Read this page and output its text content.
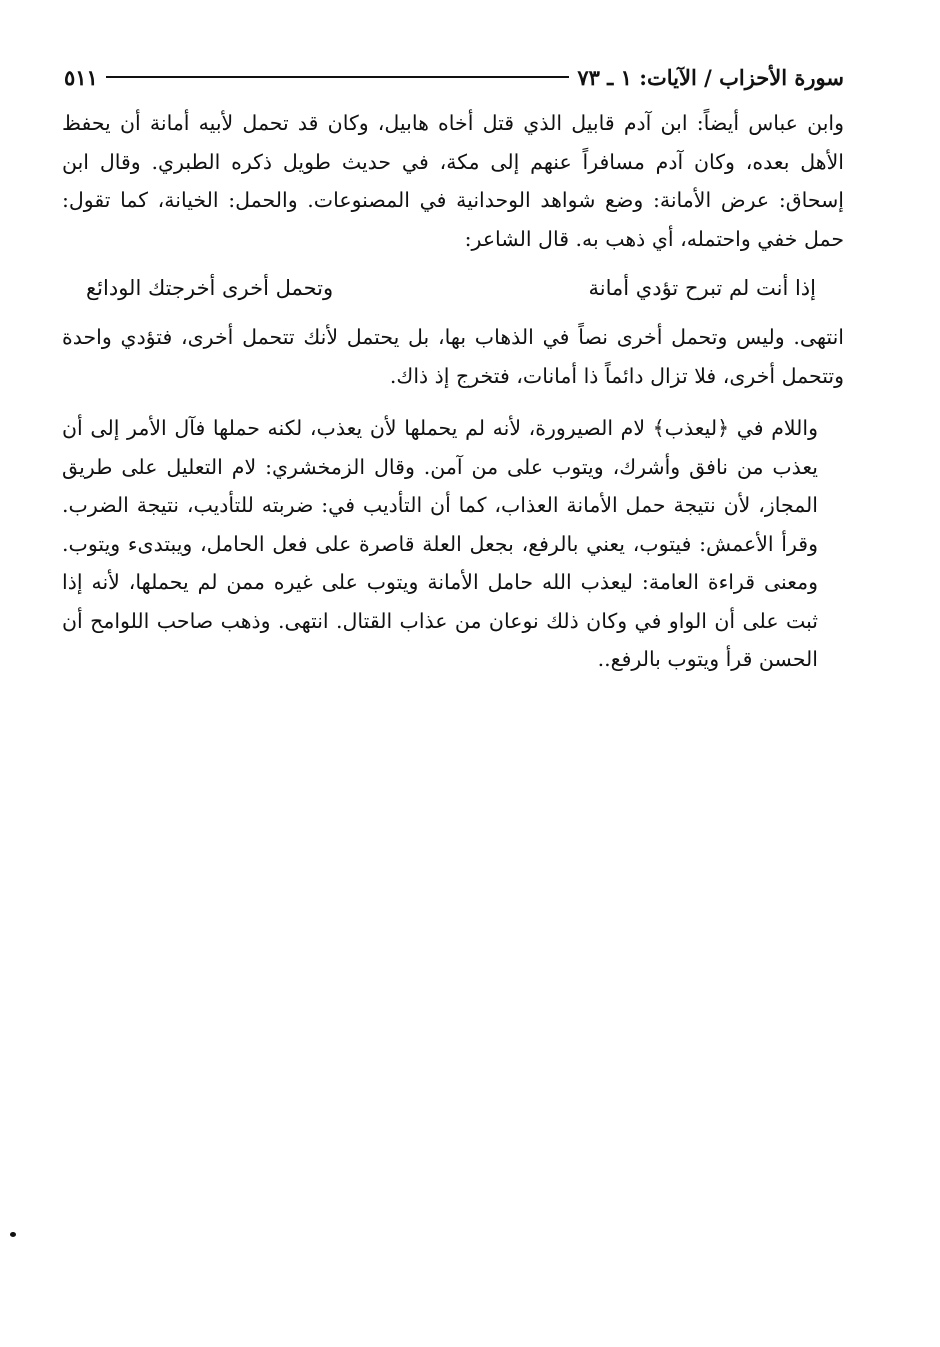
سورة الأحزاب / الآيات: ١ ـ ٧٣
٥١١

وابن عباس أيضاً: ابن آدم قابيل الذي قتل أخاه هابيل، وكان قد تحمل لأبيه أمانة أن يحفظ الأهل بعده، وكان آدم مسافراً عنهم إلى مكة، في حديث طويل ذكره الطبري. وقال ابن إسحاق: عرض الأمانة: وضع شواهد الوحدانية في المصنوعات. والحمل: الخيانة، كما تقول: حمل خفي واحتمله، أي ذهب به. قال الشاعر:

إذا أنت لم تبرح تؤدي أمانة
وتحمل أخرى أخرجتك الودائع

انتهى. وليس وتحمل أخرى نصاً في الذهاب بها، بل يحتمل لأنك تتحمل أخرى، فتؤدي واحدة وتتحمل أخرى، فلا تزال دائماً ذا أمانات، فتخرج إذ ذاك.

واللام في ﴿ليعذب﴾ لام الصيرورة، لأنه لم يحملها لأن يعذب، لكنه حملها فآل الأمر إلى أن يعذب من نافق وأشرك، ويتوب على من آمن. وقال الزمخشري: لام التعليل على طريق المجاز، لأن نتيجة حمل الأمانة العذاب، كما أن التأديب في: ضربته للتأديب، نتيجة الضرب. وقرأ الأعمش: فيتوب، يعني بالرفع، بجعل العلة قاصرة على فعل الحامل، ويبتدىء ويتوب. ومعنى قراءة العامة: ليعذب الله حامل الأمانة ويتوب على غيره ممن لم يحملها، لأنه إذا ثبت على أن الواو في وكان ذلك نوعان من عذاب القتال. انتهى. وذهب صاحب اللوامح أن الحسن قرأ ويتوب بالرفع..
